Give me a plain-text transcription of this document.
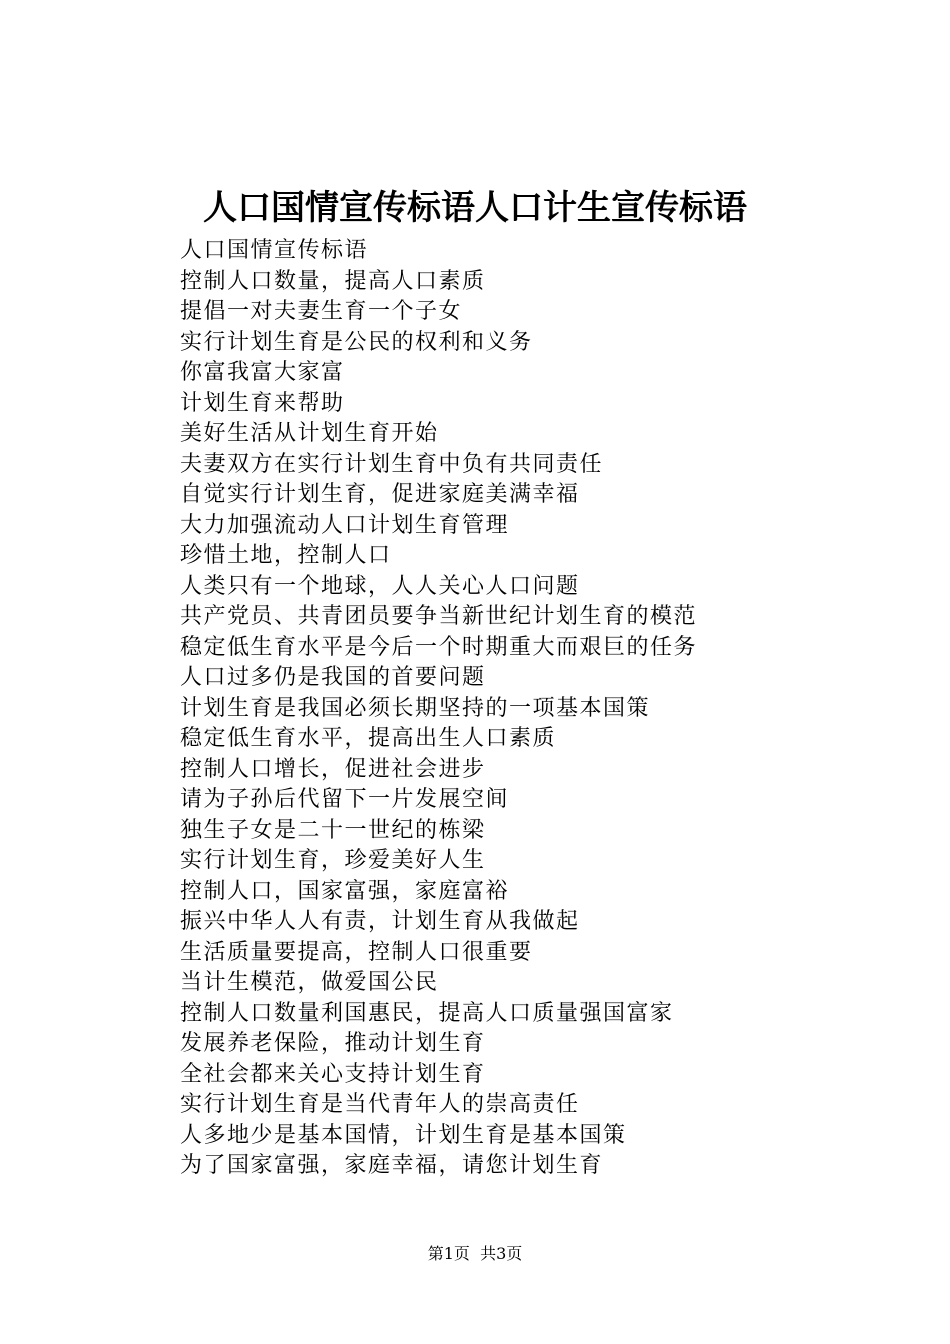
人口国情宣传标语人口计生宣传标语
人口国情宣传标语
控制人口数量，提高人口素质
提倡一对夫妻生育一个子女
实行计划生育是公民的权利和义务
你富我富大家富
计划生育来帮助
美好生活从计划生育开始
夫妻双方在实行计划生育中负有共同责任
自觉实行计划生育，促进家庭美满幸福
大力加强流动人口计划生育管理
珍惜土地，控制人口
人类只有一个地球，人人关心人口问题
共产党员、共青团员要争当新世纪计划生育的模范
稳定低生育水平是今后一个时期重大而艰巨的任务
人口过多仍是我国的首要问题
计划生育是我国必须长期坚持的一项基本国策
稳定低生育水平，提高出生人口素质
控制人口增长，促进社会进步
请为子孙后代留下一片发展空间
独生子女是二十一世纪的栋梁
实行计划生育，珍爱美好人生
控制人口，国家富强，家庭富裕
振兴中华人人有责，计划生育从我做起
生活质量要提高，控制人口很重要
当计生模范，做爱国公民
控制人口数量利国惠民，提高人口质量强国富家
发展养老保险，推动计划生育
全社会都来关心支持计划生育
实行计划生育是当代青年人的崇高责任
人多地少是基本国情，计划生育是基本国策
为了国家富强，家庭幸福，请您计划生育
第1页 共3页
